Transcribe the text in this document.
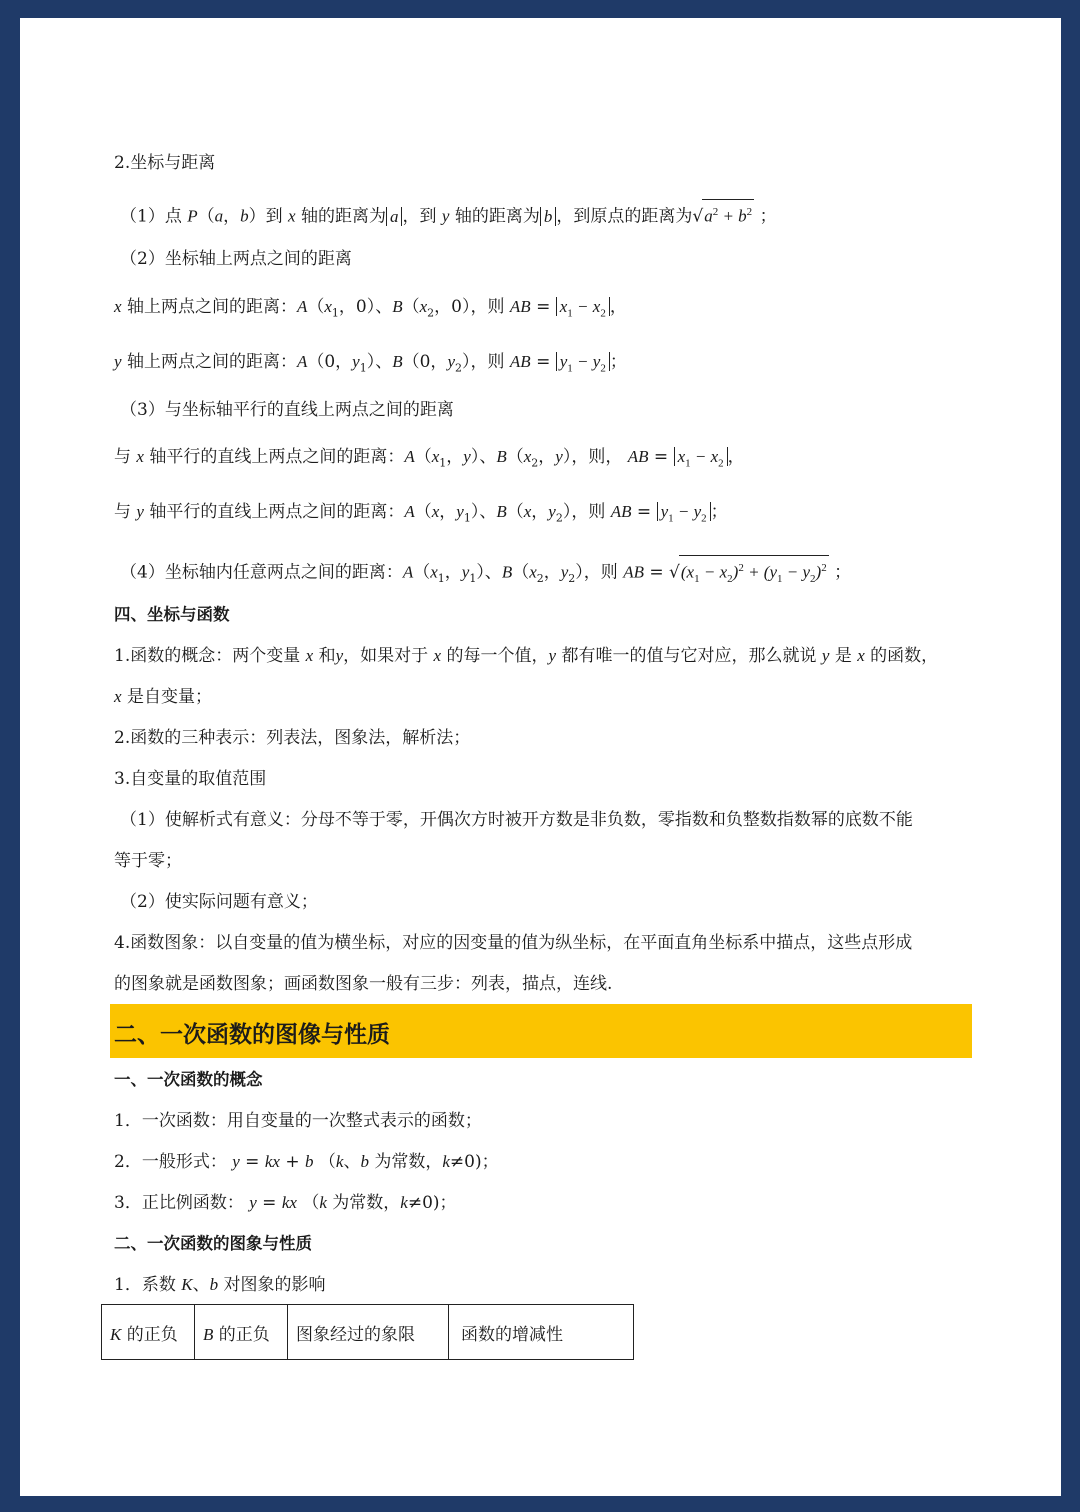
2.坐标与距离
（1）点 P（a，b）到 x 轴的距离为 a ，到 y 轴的距离为 b ，到原点的距离为$√a^2 + b^2$ ；
（2）坐标轴上两点之间的距离
x 轴上两点之间的距离：$A(x_1$，0）、$B(x_2$，0），则 AB = $x_1 - x_2$ ，
y 轴上两点之间的距离：A（0，$y_1$）、B（0，$y_2$），则 AB = $y_1 - y_2$ ；
（3）与坐标轴平行的直线上两点之间的距离
与 x 轴平行的直线上两点之间的距离：$A(x_1$，y）、$B(x_2$，y），则， AB = $x_1 - x_2$ ，
与 y 轴平行的直线上两点之间的距离：A（x，$y_1$）、B（x，$y_2$），则 AB = $y_1 - y_2$ ；
（4）坐标轴内任意两点之间的距离：$A(x_1$，$y_1$）、$B(x_2$，$y_2$），则 AB = $√(x_1 - x_2)^2 + (y_1 - y_2)^2$ ；
四、坐标与函数
1.函数的概念：两个变量 x 和y，如果对于 x 的每一个值，y 都有唯一的值与它对应，那么就说 y 是 x 的函数，
x 是自变量；
2.函数的三种表示：列表法，图象法，解析法；
3.自变量的取值范围
（1）使解析式有意义：分母不等于零，开偶次方时被开方数是非负数，零指数和负整数指数幂的底数不能
等于零；
（2）使实际问题有意义；
4.函数图象：以自变量的值为横坐标，对应的因变量的值为纵坐标，在平面直角坐标系中描点，这些点形成
的图象就是函数图象；画函数图象一般有三步：列表，描点，连线.
二、一次函数的图像与性质
一、一次函数的概念
1．一次函数：用自变量的一次整式表示的函数；
2．一般形式： y = kx + b （k、b 为常数，k≠0)；
3．正比例函数： y = kx （k 为常数，k≠0)；
二、一次函数的图象与性质
1．系数 K、b 对图象的影响
K 的正负	B 的正负	图象经过的象限	函数的增减性
